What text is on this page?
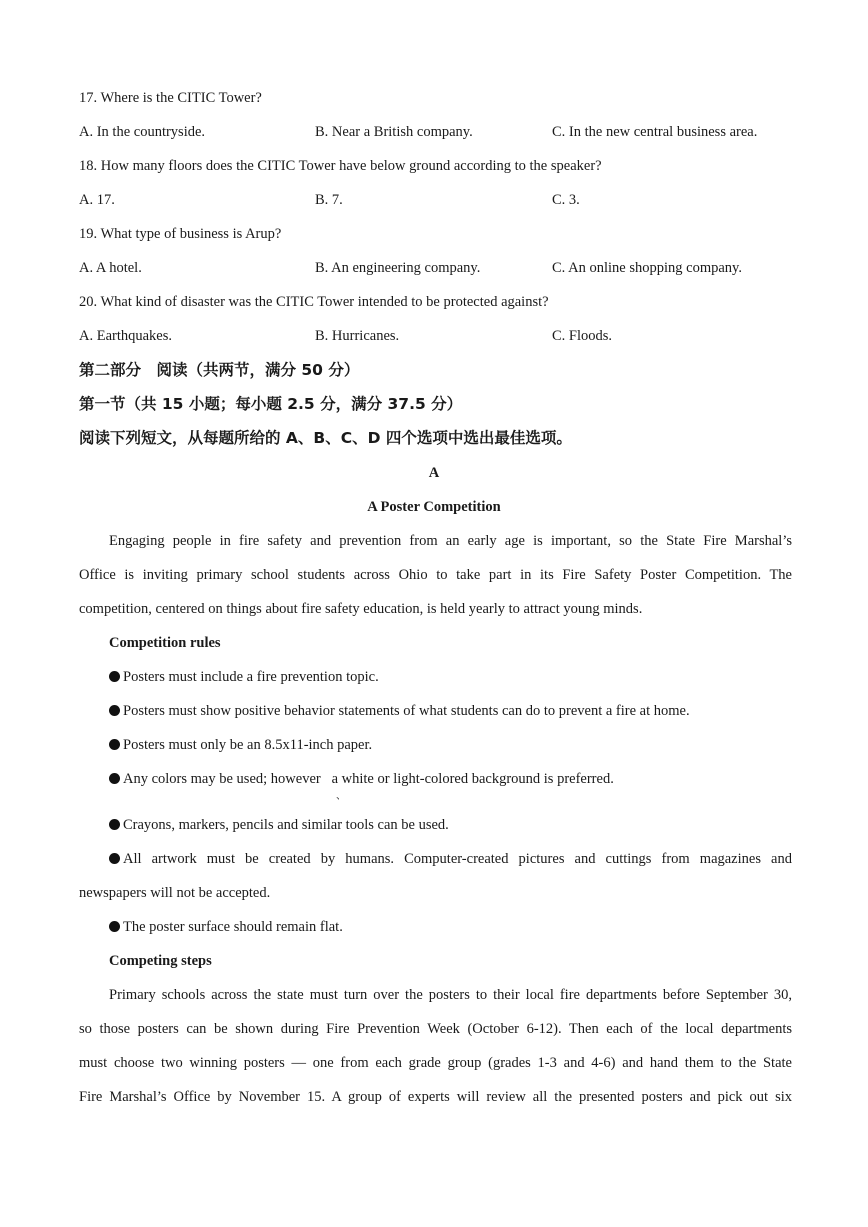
17. Where is the CITIC Tower?
A. In the countryside.	B. Near a British company.	C. In the new central business area.
18. How many floors does the CITIC Tower have below ground according to the speaker?
A. 17.	B. 7.	C. 3.
19. What type of business is Arup?
A. A hotel.	B. An engineering company.	C. An online shopping company.
20. What kind of disaster was the CITIC Tower intended to be protected against?
A. Earthquakes.	B. Hurricanes.	C. Floods.
第二部分　阅读（共两节，满分 50 分）
第一节（共 15 小题；每小题 2.5 分，满分 37.5 分）
阅读下列短文，从每题所给的 A、B、C、D 四个选项中选出最佳选项。
A
A Poster Competition
Engaging people in fire safety and prevention from an early age is important, so the State Fire Marshal’s
Office is inviting primary school students across Ohio to take part in its Fire Safety Poster Competition. The
competition, centered on things about fire safety education, is held yearly to attract young minds.
Competition rules
Posters must include a fire prevention topic.
Posters must show positive behavior statements of what students can do to prevent a fire at home.
Posters must only be an 8.5x11-inch paper.
Any colors may be used; however   a white or light-colored background is preferred.
、
Crayons, markers, pencils and similar tools can be used.
All artwork must be created by humans. Computer-created pictures and cuttings from magazines and
newspapers will not be accepted.
The poster surface should remain flat.
Competing steps
Primary schools across the state must turn over the posters to their local fire departments before September 30,
so those posters can be shown during Fire Prevention Week (October 6-12). Then each of the local departments
must choose two winning posters — one from each grade group (grades 1-3 and 4-6) and hand them to the State
Fire Marshal’s Office by November 15. A group of experts will review all the presented posters and pick out six
